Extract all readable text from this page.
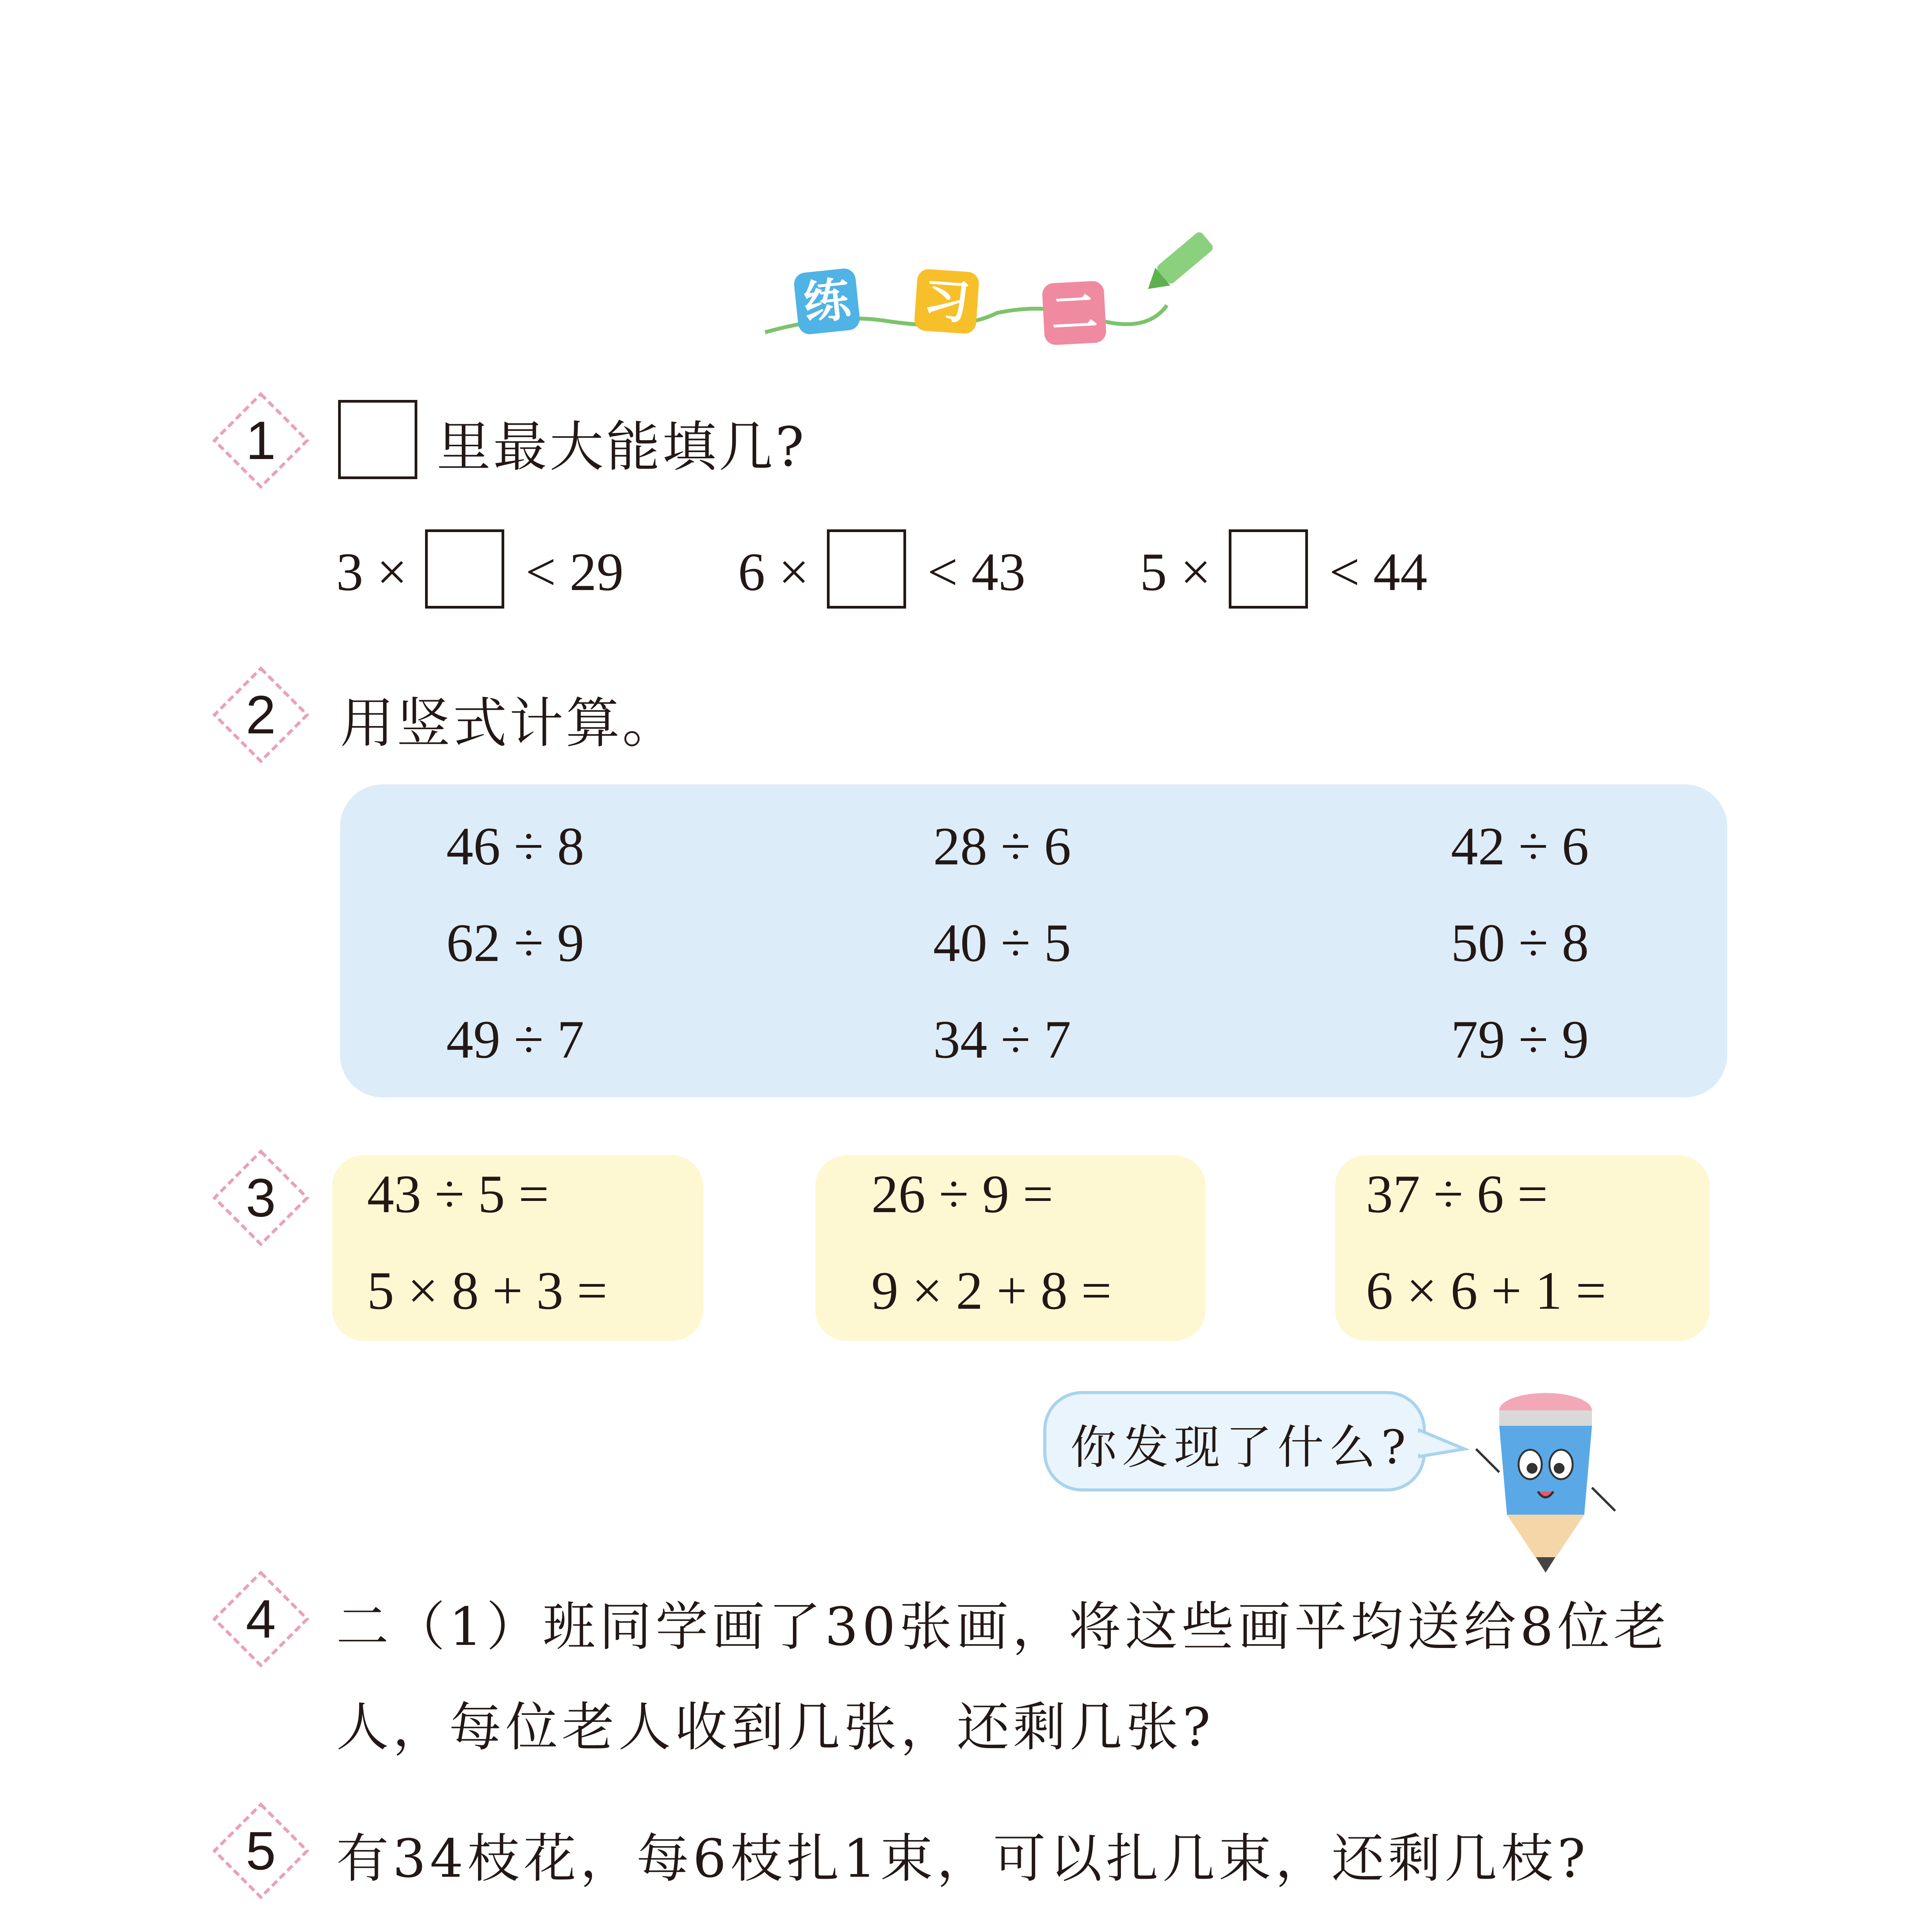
练 习 二
1	里最大能填几?
3 × < 29 6 × < 43 5 × < 44
2	用竖式计算。
46 ÷ 8	28 ÷ 6	42 ÷ 6
62 ÷ 9	40 ÷ 5	50 ÷ 8
49 ÷ 7	34 ÷ 7	79 ÷ 9
3	43 ÷ 5 =
5 × 8 + 3 =
26 ÷ 9 =
9 × 2 + 8 =
37 ÷ 6 =
6 × 6 + 1 =
你发现了什么?
4	二（1）班同学画了30张画，将这些画平均送给8位老
人，每位老人收到几张，还剩几张?
5	有34枝花，每6枝扎1束，可以扎几束，还剩几枝?
